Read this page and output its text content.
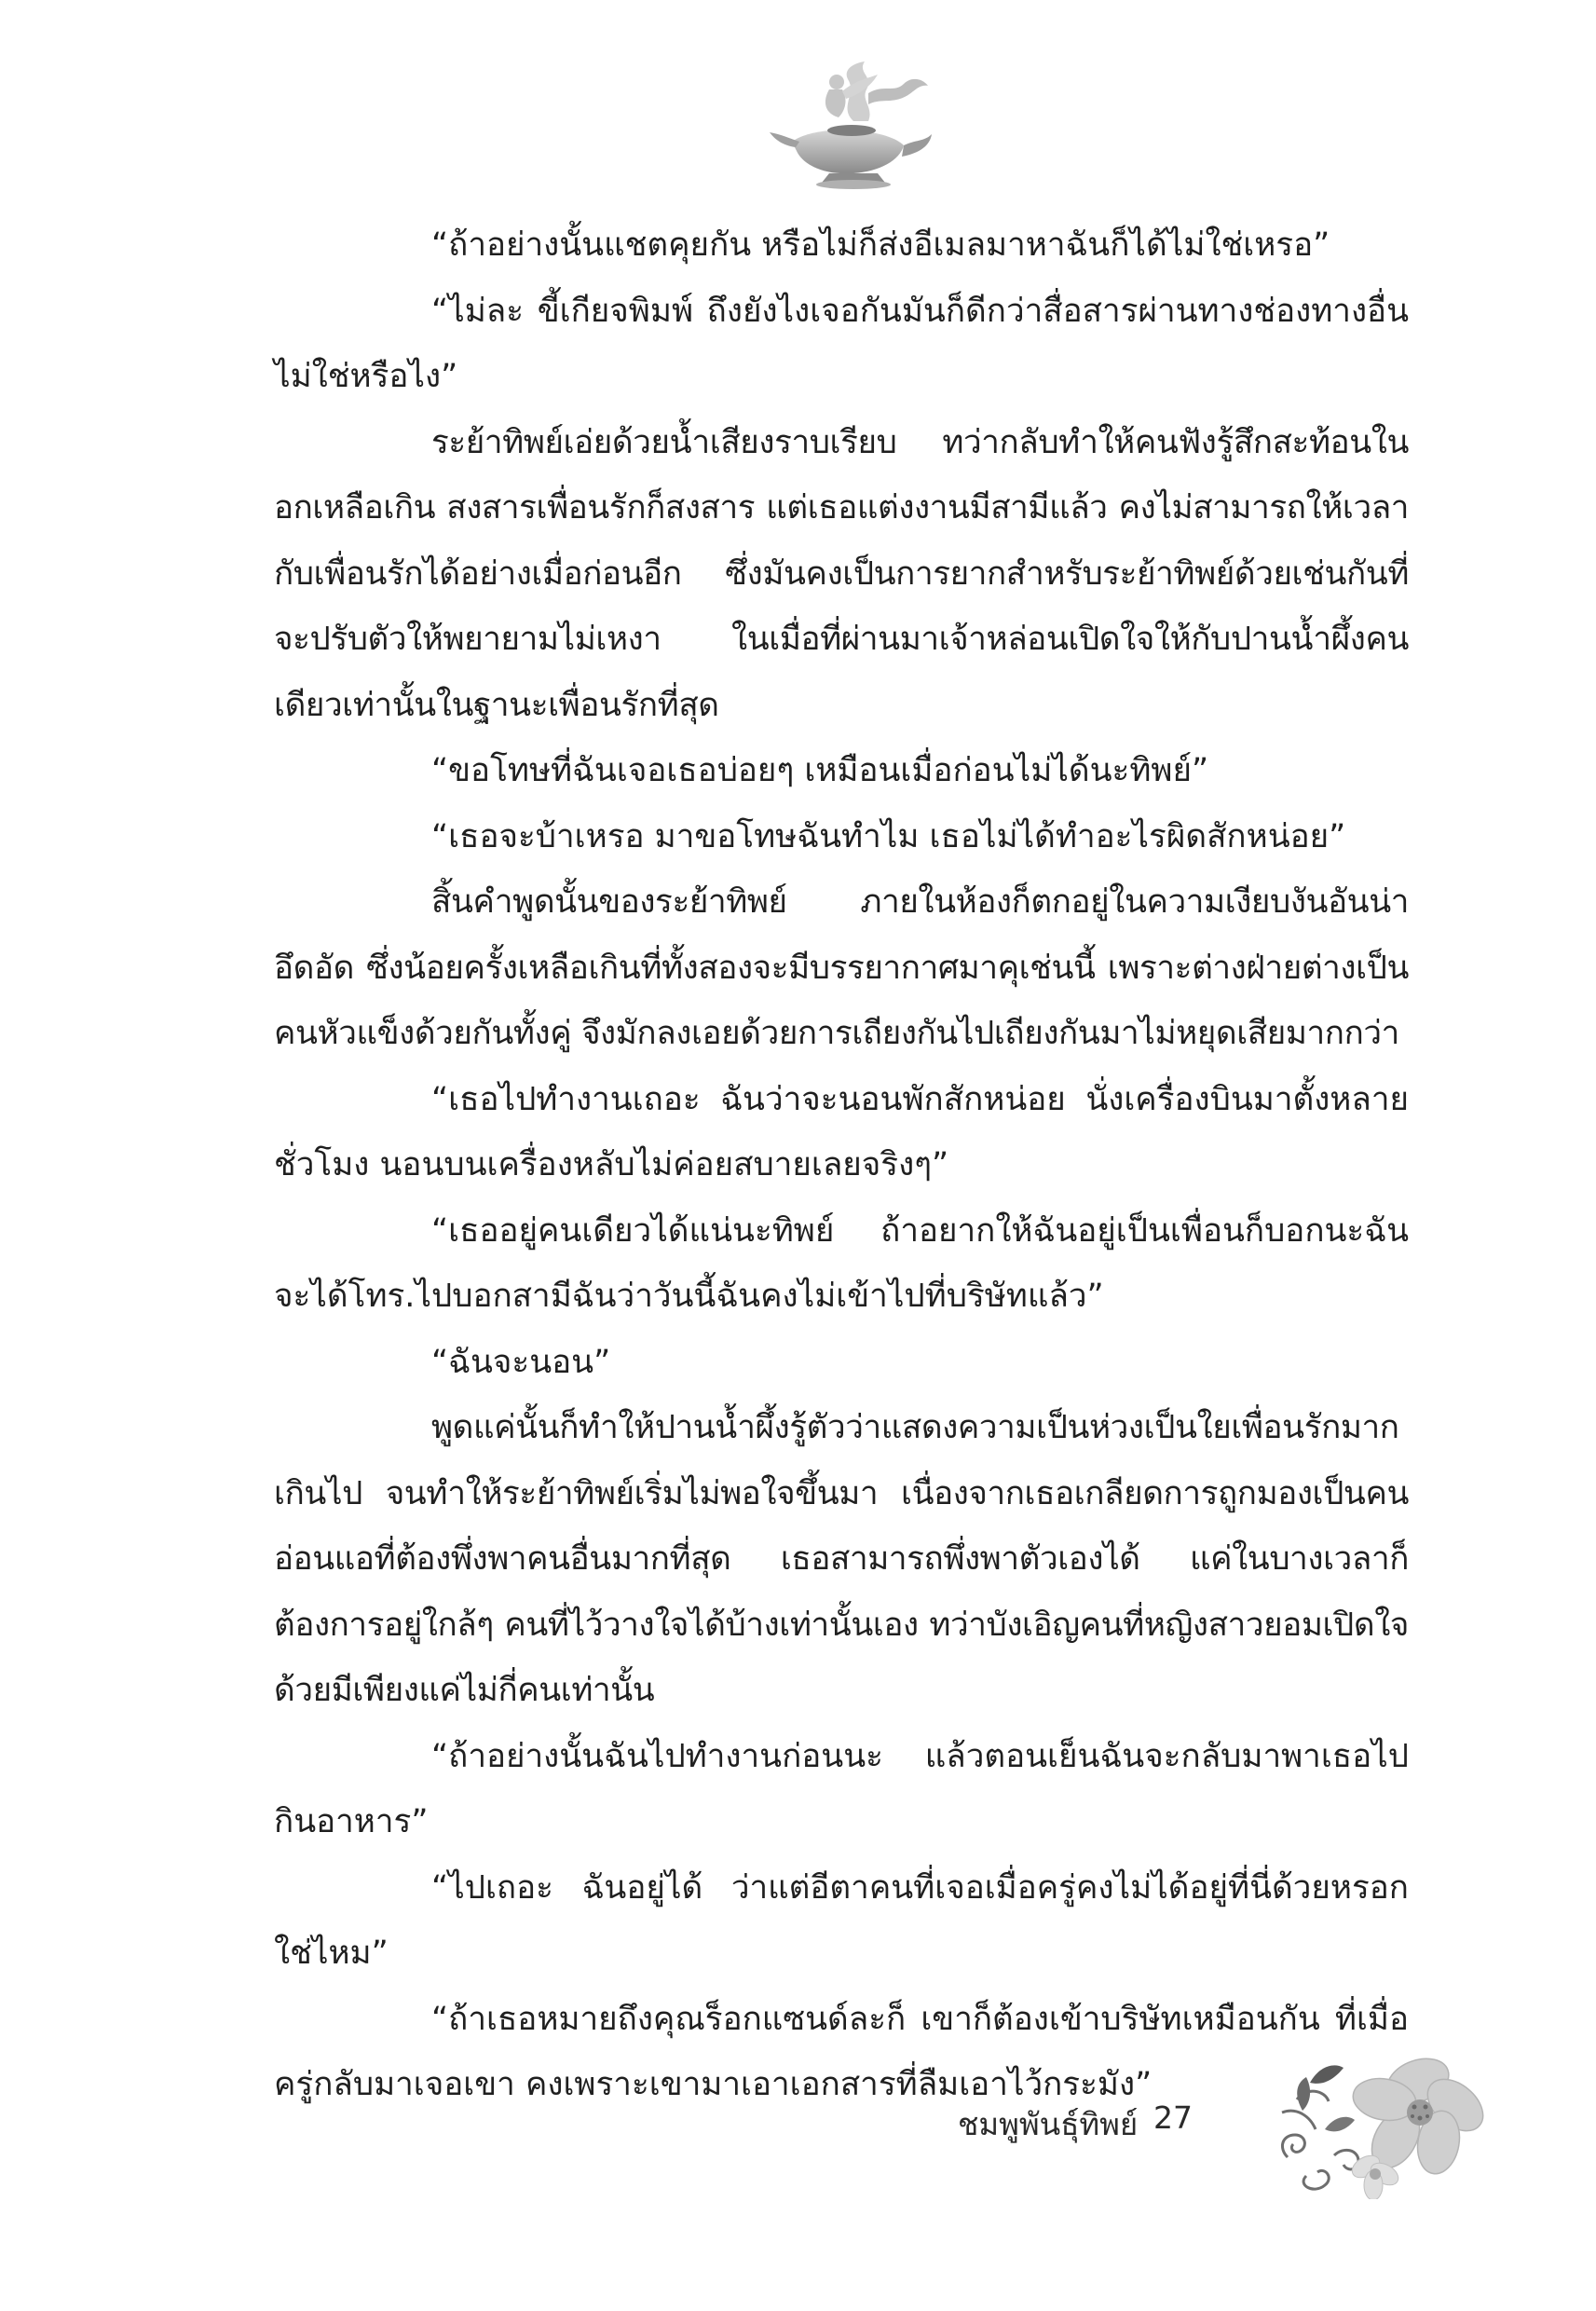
“ถ้าอย่างนั้นแชตคุยกัน หรือไม่ก็ส่งอีเมลมาหาฉันก็ได้ไม่ใช่เหรอ”

“ไม่ละ ขี้เกียจพิมพ์ ถึงยังไงเจอกันมันก็ดีกว่าสื่อสารผ่านทางช่องทางอื่นไม่ใช่หรือไง”

ระย้าทิพย์เอ่ยด้วยน้ำเสียงราบเรียบ ทว่ากลับทำให้คนฟังรู้สึกสะท้อนในอกเหลือเกิน สงสารเพื่อนรักก็สงสาร แต่เธอแต่งงานมีสามีแล้ว คงไม่สามารถให้เวลากับเพื่อนรักได้อย่างเมื่อก่อนอีก ซึ่งมันคงเป็นการยากสำหรับระย้าทิพย์ด้วยเช่นกันที่จะปรับตัวให้พยายามไม่เหงา ในเมื่อที่ผ่านมาเจ้าหล่อนเปิดใจให้กับปานน้ำผึ้งคนเดียวเท่านั้นในฐานะเพื่อนรักที่สุด

“ขอโทษที่ฉันเจอเธอบ่อยๆ เหมือนเมื่อก่อนไม่ได้นะทิพย์”

“เธอจะบ้าเหรอ มาขอโทษฉันทำไม เธอไม่ได้ทำอะไรผิดสักหน่อย”

สิ้นคำพูดนั้นของระย้าทิพย์ ภายในห้องก็ตกอยู่ในความเงียบงันอันน่าอึดอัด ซึ่งน้อยครั้งเหลือเกินที่ทั้งสองจะมีบรรยากาศมาคุเช่นนี้ เพราะต่างฝ่ายต่างเป็นคนหัวแข็งด้วยกันทั้งคู่ จึงมักลงเอยด้วยการเถียงกันไปเถียงกันมาไม่หยุดเสียมากกว่า

“เธอไปทำงานเถอะ ฉันว่าจะนอนพักสักหน่อย นั่งเครื่องบินมาตั้งหลายชั่วโมง นอนบนเครื่องหลับไม่ค่อยสบายเลยจริงๆ”

“เธออยู่คนเดียวได้แน่นะทิพย์ ถ้าอยากให้ฉันอยู่เป็นเพื่อนก็บอกนะฉันจะได้โทร.ไปบอกสามีฉันว่าวันนี้ฉันคงไม่เข้าไปที่บริษัทแล้ว”

“ฉันจะนอน”

พูดแค่นั้นก็ทำให้ปานน้ำผึ้งรู้ตัวว่าแสดงความเป็นห่วงเป็นใยเพื่อนรักมากเกินไป จนทำให้ระย้าทิพย์เริ่มไม่พอใจขึ้นมา เนื่องจากเธอเกลียดการถูกมองเป็นคนอ่อนแอที่ต้องพึ่งพาคนอื่นมากที่สุด เธอสามารถพึ่งพาตัวเองได้ แค่ในบางเวลาก็ต้องการอยู่ใกล้ๆ คนที่ไว้วางใจได้บ้างเท่านั้นเอง ทว่าบังเอิญคนที่หญิงสาวยอมเปิดใจด้วยมีเพียงแค่ไม่กี่คนเท่านั้น

“ถ้าอย่างนั้นฉันไปทำงานก่อนนะ แล้วตอนเย็นฉันจะกลับมาพาเธอไปกินอาหาร”

“ไปเถอะ ฉันอยู่ได้ ว่าแต่อีตาคนที่เจอเมื่อครู่คงไม่ได้อยู่ที่นี่ด้วยหรอกใช่ไหม”

“ถ้าเธอหมายถึงคุณร็อกแซนด์ละก็ เขาก็ต้องเข้าบริษัทเหมือนกัน ที่เมื่อครู่กลับมาเจอเขา คงเพราะเขามาเอาเอกสารที่ลืมเอาไว้กระมัง”

ชมพูพันธุ์ทิพย์ 27
